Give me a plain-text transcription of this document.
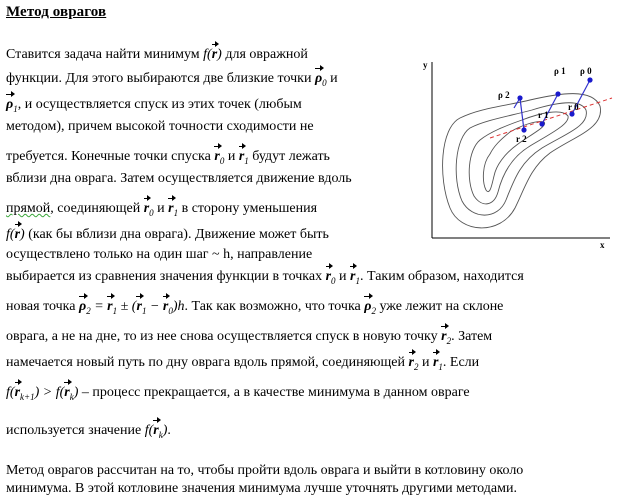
Метод оврагов
Ставится задача найти минимум f(r) для овражной
функции. Для этого выбираются две близкие точки $\rho_0$ и
$\rho_1$, и осуществляется спуск из этих точек (любым
методом), причем высокой точности сходимости не
требуется. Конечные точки спуска $r_0$ и $r_1$ будут лежать
вблизи дна оврага. Затем осуществляется движение вдоль
прямой, соединяющей $r_0$ и $r_1$ в сторону уменьшения
f(r) (как бы вблизи дна оврага). Движение может быть
осуществлено только на один шаг ~ h, направление
выбирается из сравнения значения функции в точках $r_0$ и $r_1$. Таким образом, находится
новая точка $\rho_2 = r_1 \pm (r_1 - r_0)h$. Так как возможно, что точка $\rho_2$ уже лежит на склоне
оврага, а не на дне, то из нее снова осуществляется спуск в новую точку $r_2$. Затем
намечается новый путь по дну оврага вдоль прямой, соединяющей $r_2$ и $r_1$. Если
$f(r_{k+1}) > f(r_k)$ – процесс прекращается, а в качестве минимума в данном овраге
используется значение $f(r_k)$.
Метод оврагов рассчитан на то, чтобы пройти вдоль оврага и выйти в котловину около
минимума. В этой котловине значения минимума лучше уточнять другими методами.
y
x
ρ 1 ρ 0
ρ 2
r 0
r 1
r 2
